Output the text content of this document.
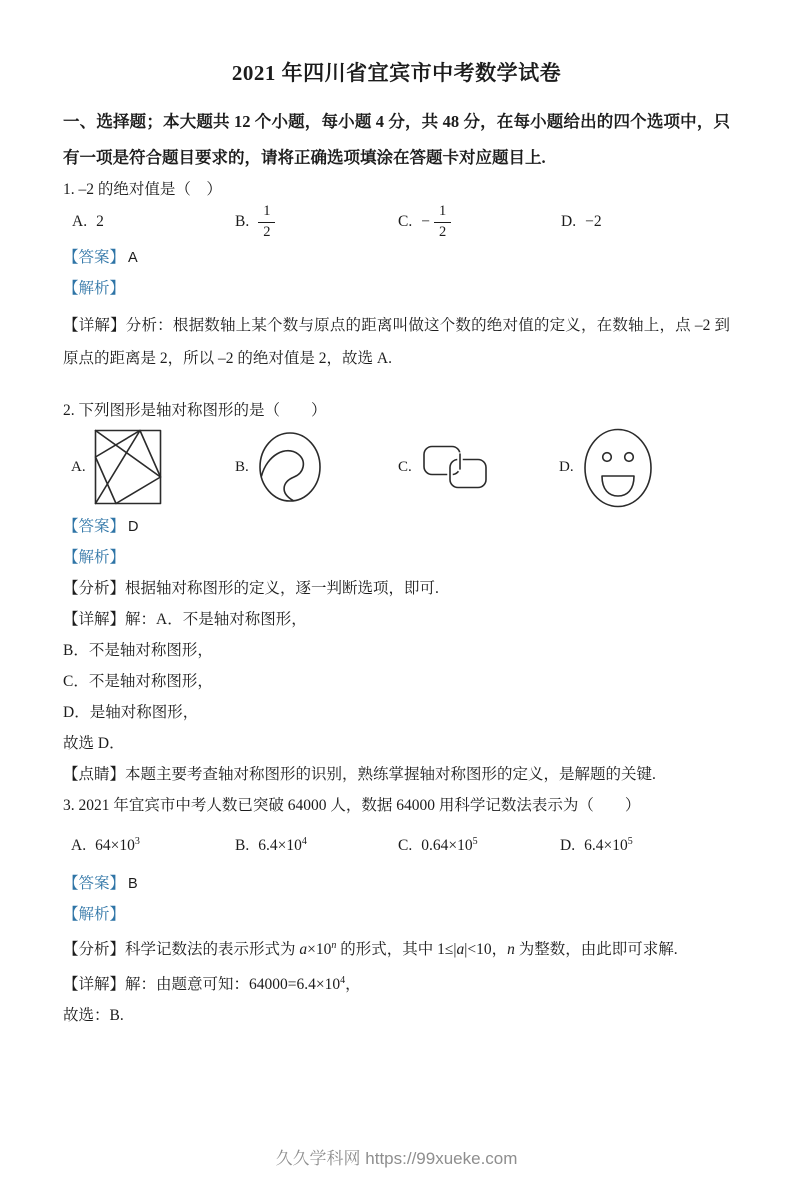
2021 年四川省宜宾市中考数学试卷

一、选择题；本大题共 12 个小题，每小题 4 分，共 48 分，在每小题给出的四个选项中，只有一项是符合题目要求的，请将正确选项填涂在答题卡对应题目上.

1. –2 的绝对值是（　）

A. 2	B. $\frac{1}{2}$	C. − $\frac{1}{2}$	D. −2

【答案】 A

【解析】

【详解】分析：根据数轴上某个数与原点的距离叫做这个数的绝对值的定义，在数轴上，点 –2 到原点的距离是 2，所以 –2 的绝对值是 2，故选 A.

2. 下列图形是轴对称图形的是（　　）

A.	B.	C.	D.

【答案】 D

【解析】

【分析】根据轴对称图形的定义，逐一判断选项，即可.

【详解】解：A．不是轴对称图形，

B．不是轴对称图形，

C．不是轴对称图形，

D．是轴对称图形，

故选 D．

【点睛】本题主要考查轴对称图形的识别，熟练掌握轴对称图形的定义，是解题的关键.

3. 2021 年宜宾市中考人数已突破 64000 人，数据 64000 用科学记数法表示为（　　）

A. $64\times 10^3$	B. $6.4\times 10^4$	C. $0.64\times 10^5$	D. $6.4\times 10^5$

【答案】 B

【解析】

【分析】科学记数法的表示形式为 $a\times 10^n$ 的形式，其中 1≤|a|<10，n 为整数，由此即可求解.

【详解】解：由题意可知：$64000=6.4\times 10^4$，

故选：B.

久久学科网 https://99xueke.com
